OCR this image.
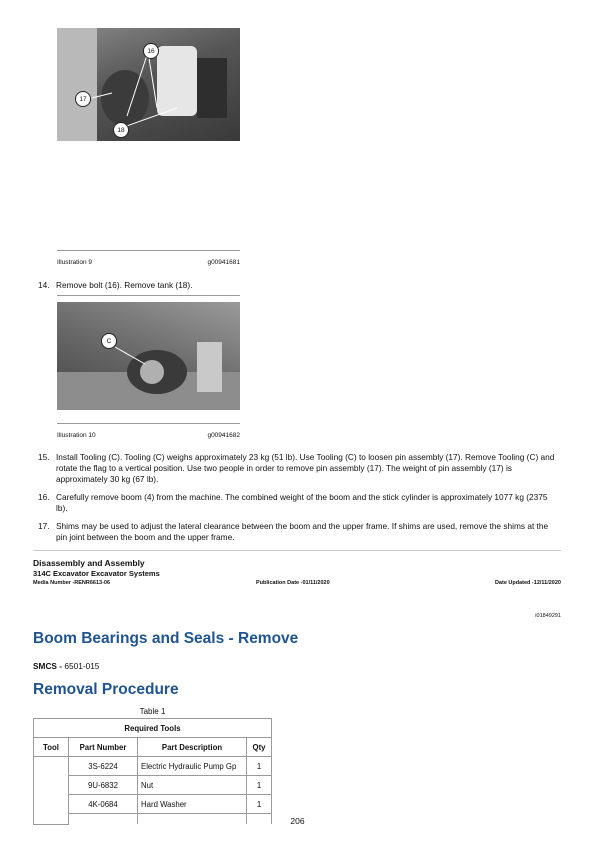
16
17
18
Illustration 9	g00941681
14. Remove bolt (16). Remove tank (18).
C
Illustration 10	g00941682
15. Install Tooling (C). Tooling (C) weighs approximately 23 kg (51 lb). Use Tooling (C) to loosen pin assembly (17). Remove Tooling (C) and rotate the flag to a vertical position. Use two people in order to remove pin assembly (17). The weight of pin assembly (17) is approximately 30 kg (67 lb).
16. Carefully remove boom (4) from the machine. The combined weight of the boom and the stick cylinder is approximately 1077 kg (2375 lb).
17. Shims may be used to adjust the lateral clearance between the boom and the upper frame. If shims are used, remove the shims at the pin joint between the boom and the upper frame.
Disassembly and Assembly
314C Excavator Excavator Systems
Media Number -RENR6613-06	Publication Date -01/11/2020	Date Updated -12/11/2020
i01849291
Boom Bearings and Seals - Remove
SMCS - 6501-015
Removal Procedure
Table 1
Required Tools			
Tool	Part Number	Part Description	Qty
	3S-6224	Electric Hydraulic Pump Gp	1
	9U-6832	Nut	1
	4K-0684	Hard Washer	1

206
